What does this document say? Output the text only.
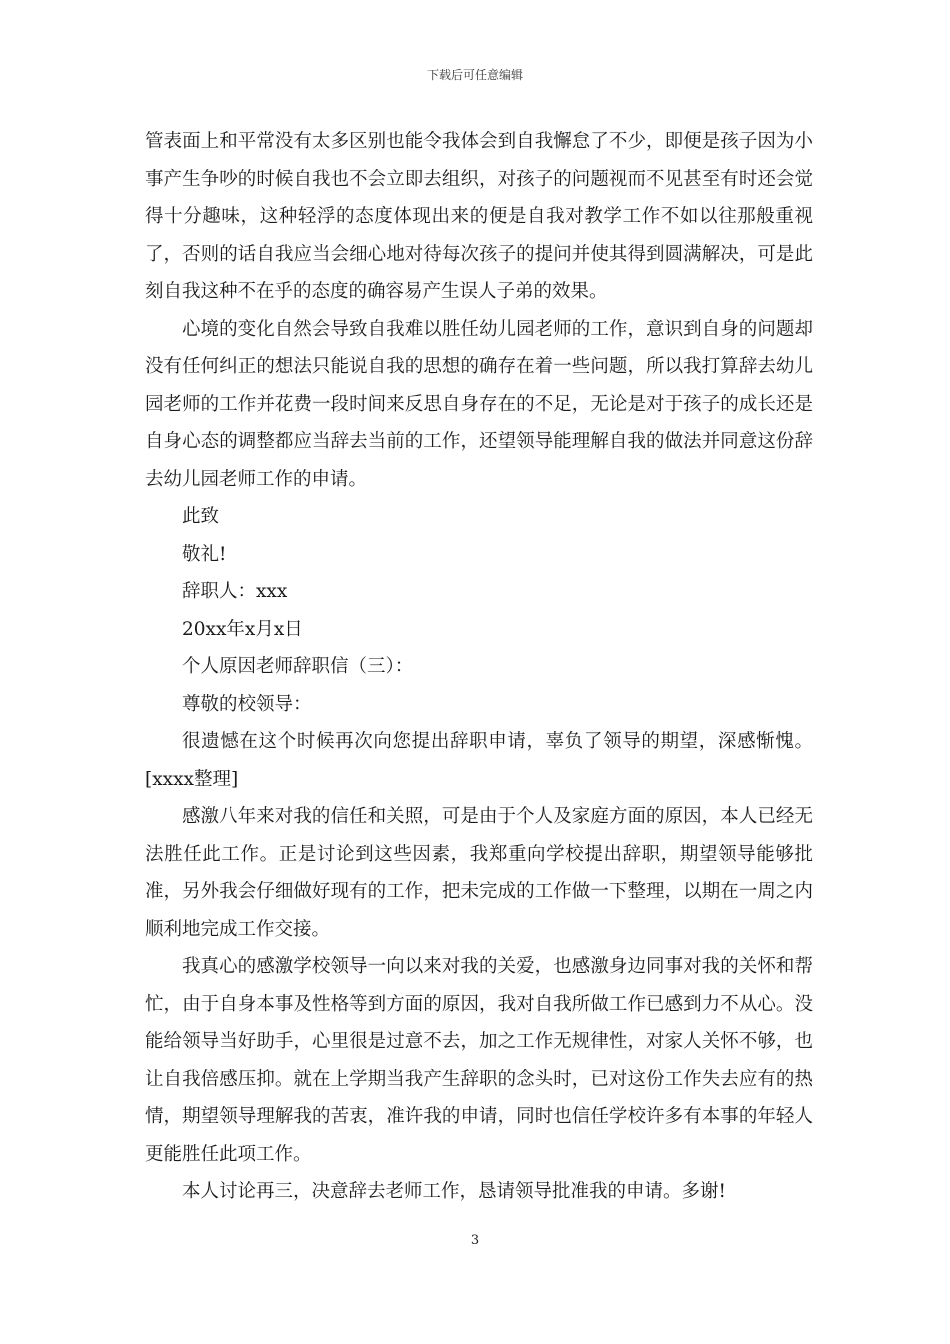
下载后可任意编辑

管表面上和平常没有太多区别也能令我体会到自我懈怠了不少，即便是孩子因为小事产生争吵的时候自我也不会立即去组织，对孩子的问题视而不见甚至有时还会觉得十分趣味，这种轻浮的态度体现出来的便是自我对教学工作不如以往那般重视了，否则的话自我应当会细心地对待每次孩子的提问并使其得到圆满解决，可是此刻自我这种不在乎的态度的确容易产生误人子弟的效果。

心境的变化自然会导致自我难以胜任幼儿园老师的工作，意识到自身的问题却没有任何纠正的想法只能说自我的思想的确存在着一些问题，所以我打算辞去幼儿园老师的工作并花费一段时间来反思自身存在的不足，无论是对于孩子的成长还是自身心态的调整都应当辞去当前的工作，还望领导能理解自我的做法并同意这份辞去幼儿园老师工作的申请。

此致

敬礼!

辞职人：xxx

20xx年x月x日

个人原因老师辞职信（三）：

尊敬的校领导：

很遗憾在这个时候再次向您提出辞职申请，辜负了领导的期望，深感惭愧。[xxxx整理]

感激八年来对我的信任和关照，可是由于个人及家庭方面的原因，本人已经无法胜任此工作。正是讨论到这些因素，我郑重向学校提出辞职，期望领导能够批准，另外我会仔细做好现有的工作，把未完成的工作做一下整理，以期在一周之内顺利地完成工作交接。

我真心的感激学校领导一向以来对我的关爱，也感激身边同事对我的关怀和帮忙，由于自身本事及性格等到方面的原因，我对自我所做工作已感到力不从心。没能给领导当好助手，心里很是过意不去，加之工作无规律性，对家人关怀不够，也让自我倍感压抑。就在上学期当我产生辞职的念头时，已对这份工作失去应有的热情，期望领导理解我的苦衷，准许我的申请，同时也信任学校许多有本事的年轻人更能胜任此项工作。

本人讨论再三，决意辞去老师工作，恳请领导批准我的申请。多谢!

3
